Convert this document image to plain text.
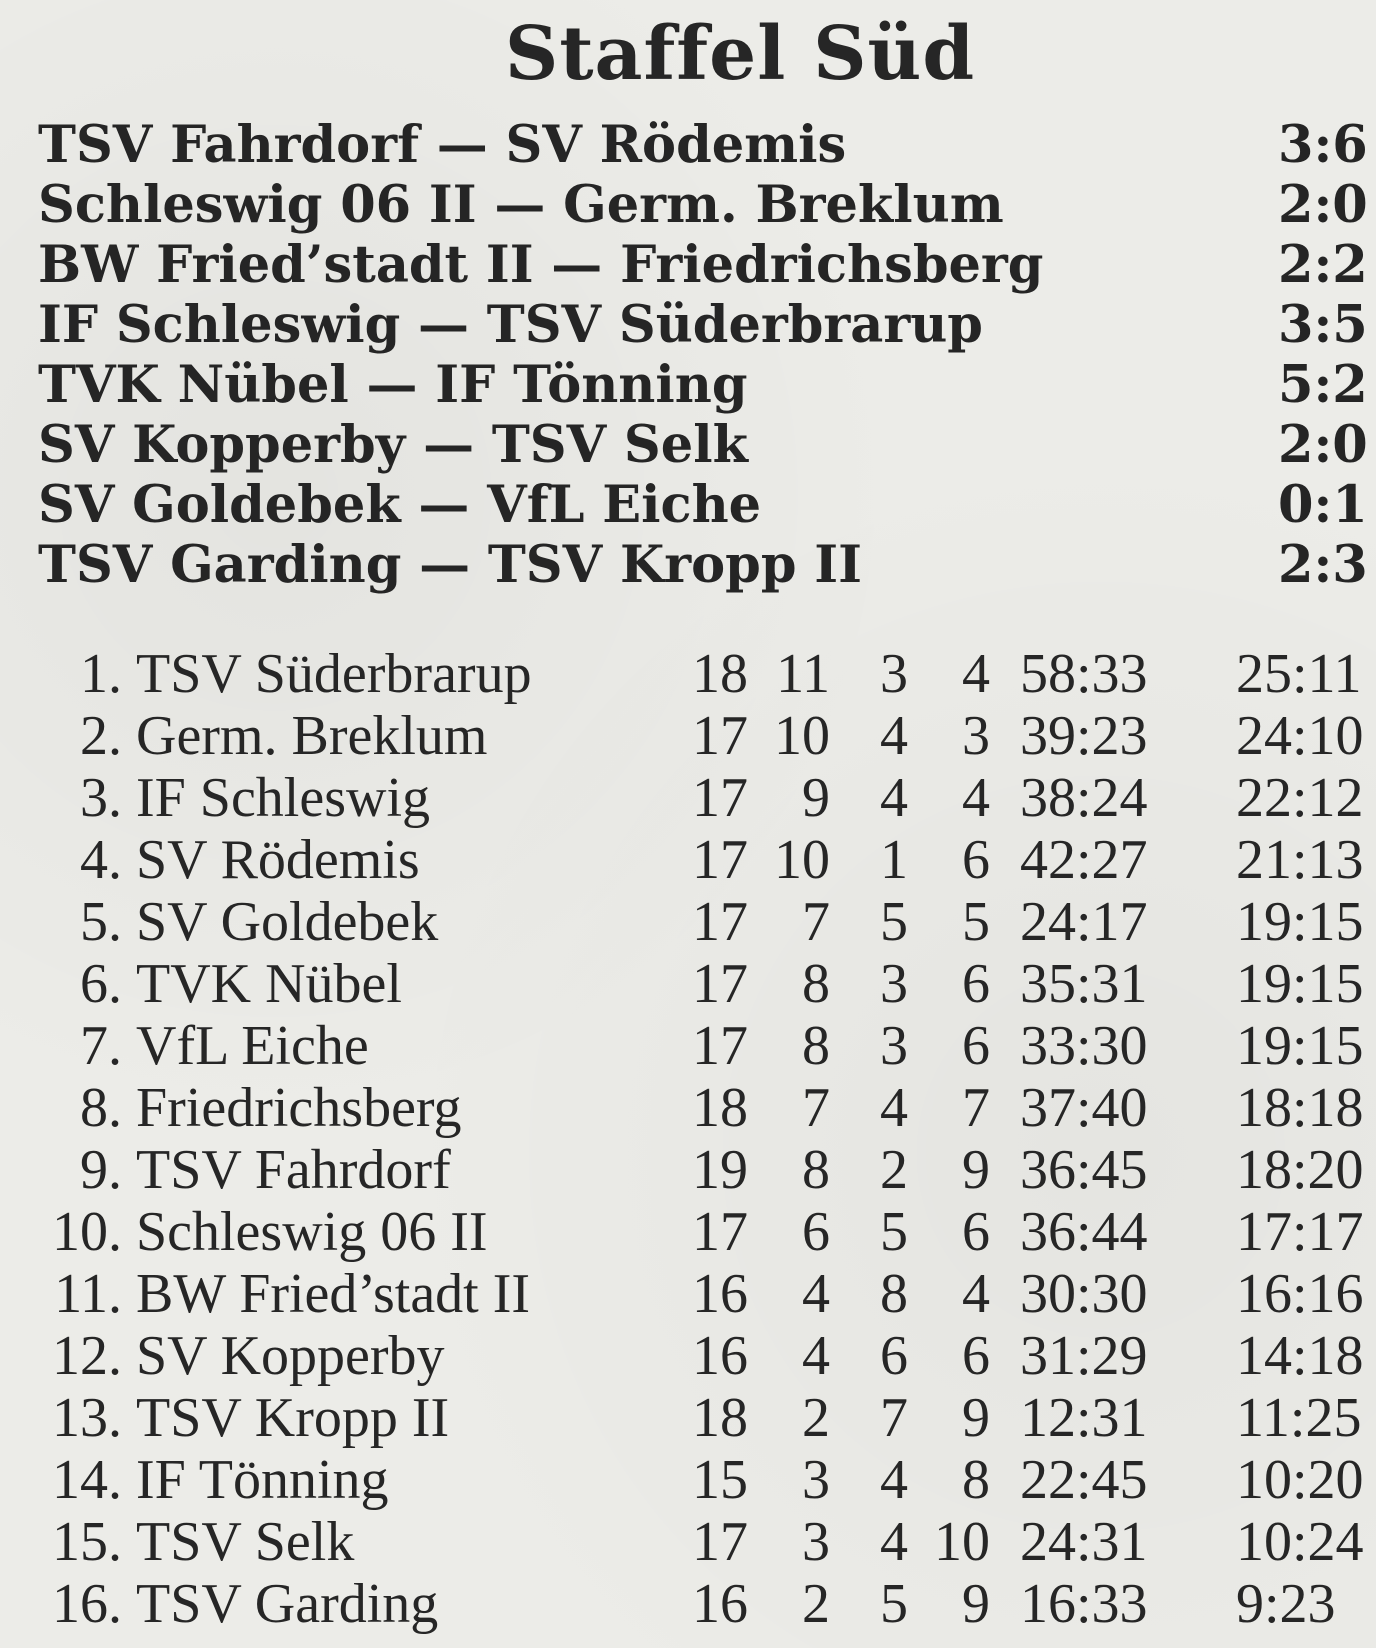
Staffel Süd
TSV Fahrdorf — SV Rödemis	3:6
Schleswig 06 II — Germ. Breklum	2:0
BW Fried’stadt II — Friedrichsberg	2:2
IF Schleswig — TSV Süderbrarup	3:5
TVK Nübel — IF Tönning	5:2
SV Kopperby — TSV Selk	2:0
SV Goldebek — VfL Eiche	0:1
TSV Garding — TSV Kropp II	2:3
1. TSV Süderbrarup	18 11 3 4 58:33 25:11
2. Germ. Breklum	17 10 4 3 39:23 24:10
3. IF Schleswig	17 9 4 4 38:24 22:12
4. SV Rödemis	17 10 1 6 42:27 21:13
5. SV Goldebek	17 7 5 5 24:17 19:15
6. TVK Nübel	17 8 3 6 35:31 19:15
7. VfL Eiche	17 8 3 6 33:30 19:15
8. Friedrichsberg	18 7 4 7 37:40 18:18
9. TSV Fahrdorf	19 8 2 9 36:45 18:20
10. Schleswig 06 II	17 6 5 6 36:44 17:17
11. BW Fried’stadt II	16 4 8 4 30:30 16:16
12. SV Kopperby	16 4 6 6 31:29 14:18
13. TSV Kropp II	18 2 7 9 12:31 11:25
14. IF Tönning	15 3 4 8 22:45 10:20
15. TSV Selk	17 3 4 10 24:31 10:24
16. TSV Garding	16 2 5 9 16:33 9:23
